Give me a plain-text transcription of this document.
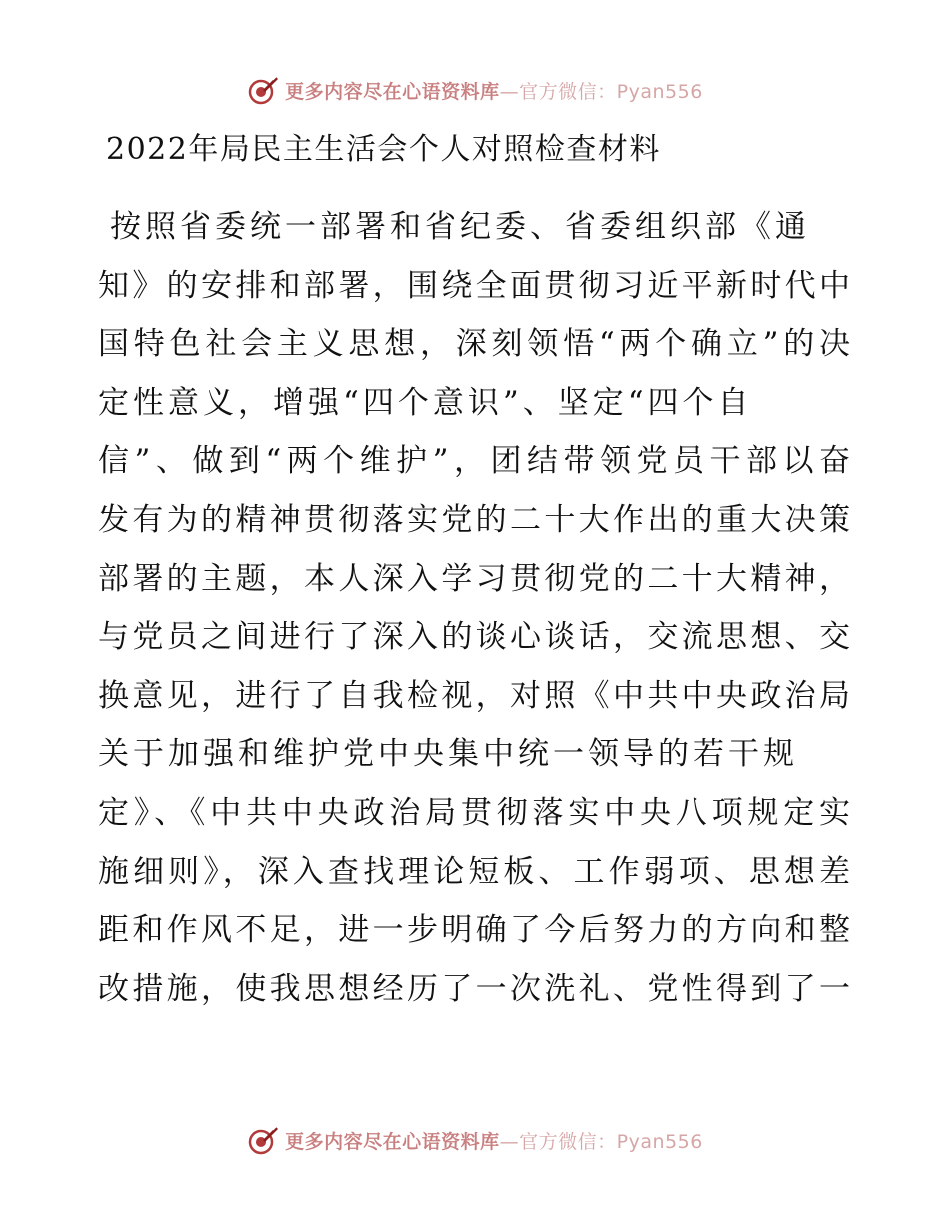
更多内容尽在心语资料库—官方微信：Pyan556
2022年局民主生活会个人对照检查材料
按照省委统一部署和省纪委、省委组织部《通
知》的安排和部署，围绕全面贯彻习近平新时代中
国特色社会主义思想，深刻领悟“两个确立”的决
定性意义，增强“四个意识”、坚定“四个自
信”、做到“两个维护”，团结带领党员干部以奋
发有为的精神贯彻落实党的二十大作出的重大决策
部署的主题，本人深入学习贯彻党的二十大精神，
与党员之间进行了深入的谈心谈话，交流思想、交
换意见，进行了自我检视，对照《中共中央政治局
关于加强和维护党中央集中统一领导的若干规
定》、《中共中央政治局贯彻落实中央八项规定实
施细则》，深入查找理论短板、工作弱项、思想差
距和作风不足，进一步明确了今后努力的方向和整
改措施，使我思想经历了一次洗礼、党性得到了一
更多内容尽在心语资料库—官方微信：Pyan556
